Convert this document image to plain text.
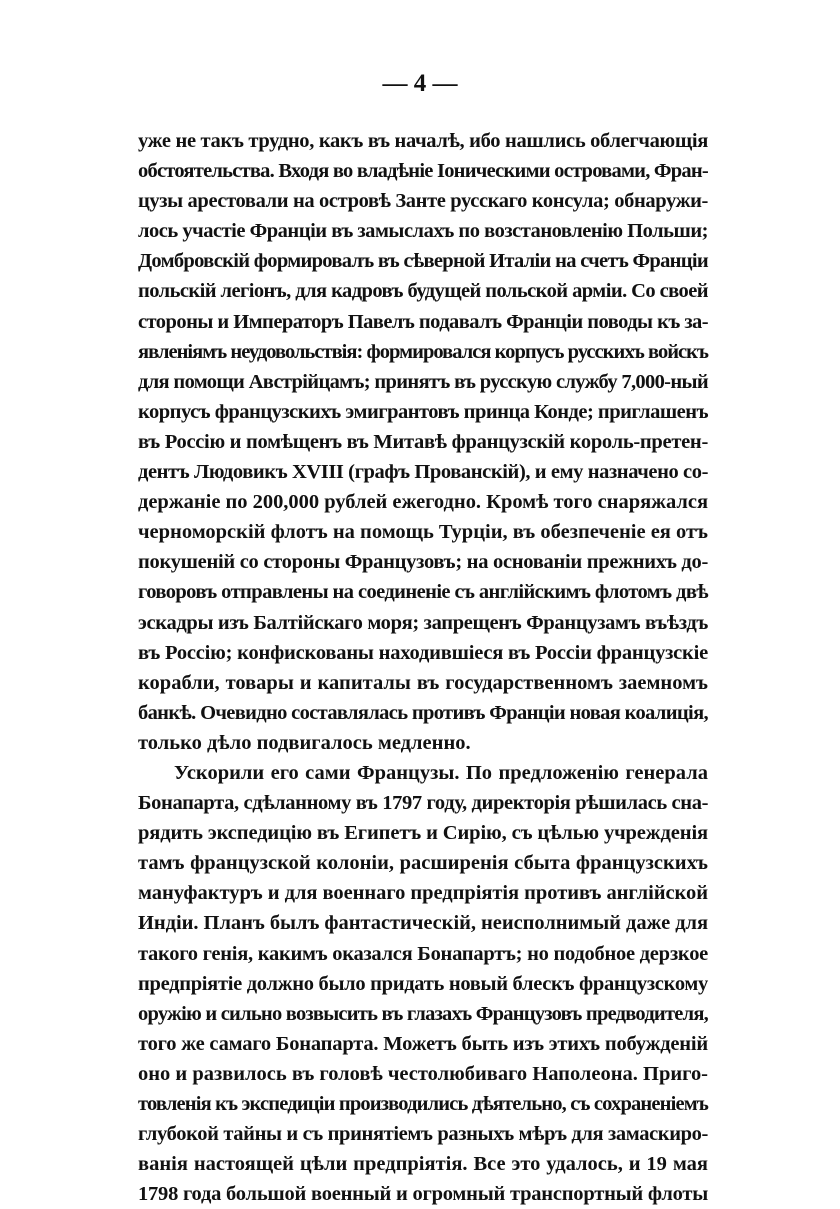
— 4 —
уже не такъ трудно, какъ въ началѣ, ибо нашлись облегчающія
обстоятельства. Входя во владѣніе Іоническими островами, Фран-
цузы арестовали на островѣ Занте русскаго консула; обнаружи-
лось участіе Франціи въ замыслахъ по возстановленію Польши;
Домбровскій формировалъ въ сѣверной Италіи на счетъ Франціи
польскій легіонъ, для кадровъ будущей польской арміи. Со своей
стороны и Императоръ Павелъ подавалъ Франціи поводы къ за-
явленіямъ неудовольствія: формировался корпусъ русскихъ войскъ
для помощи Австрійцамъ; принятъ въ русскую службу 7,000-ный
корпусъ французскихъ эмигрантовъ принца Конде; приглашенъ
въ Россію и помѣщенъ въ Митавѣ французскій король-претен-
дентъ Людовикъ XVIII (графъ Прованскій), и ему назначено со-
держаніе по 200,000 рублей ежегодно. Кромѣ того снаряжался
черноморскій флотъ на помощь Турціи, въ обезпеченіе ея отъ
покушеній со стороны Французовъ; на основаніи прежнихъ до-
говоровъ отправлены на соединеніе съ англійскимъ флотомъ двѣ
эскадры изъ Балтійскаго моря; запрещенъ Французамъ въѣздъ
въ Россію; конфискованы находившіеся въ Россіи французскіе
корабли, товары и капиталы въ государственномъ заемномъ
банкѣ. Очевидно составлялась противъ Франціи новая коалиція,
только дѣло подвигалось медленно.
Ускорили его сами Французы. По предложенію генерала
Бонапарта, сдѣланному въ 1797 году, директорія рѣшилась сна-
рядить экспедицію въ Египетъ и Сирію, съ цѣлью учрежденія
тамъ французской колоніи, расширенія сбыта французскихъ
мануфактуръ и для военнаго предпріятія противъ англійской
Индіи. Планъ былъ фантастическій, неисполнимый даже для
такого генія, какимъ оказался Бонапартъ; но подобное дерзкое
предпріятіе должно было придать новый блескъ французскому
оружію и сильно возвысить въ глазахъ Французовъ предводителя,
того же самаго Бонапарта. Можетъ быть изъ этихъ побужденій
оно и развилось въ головѣ честолюбиваго Наполеона. Приго-
товленія къ экспедиціи производились дѣятельно, съ сохраненіемъ
глубокой тайны и съ принятіемъ разныхъ мѣръ для замаскиро-
ванія настоящей цѣли предпріятія. Все это удалось, и 19 мая
1798 года большой военный и огромный транспортный флоты
